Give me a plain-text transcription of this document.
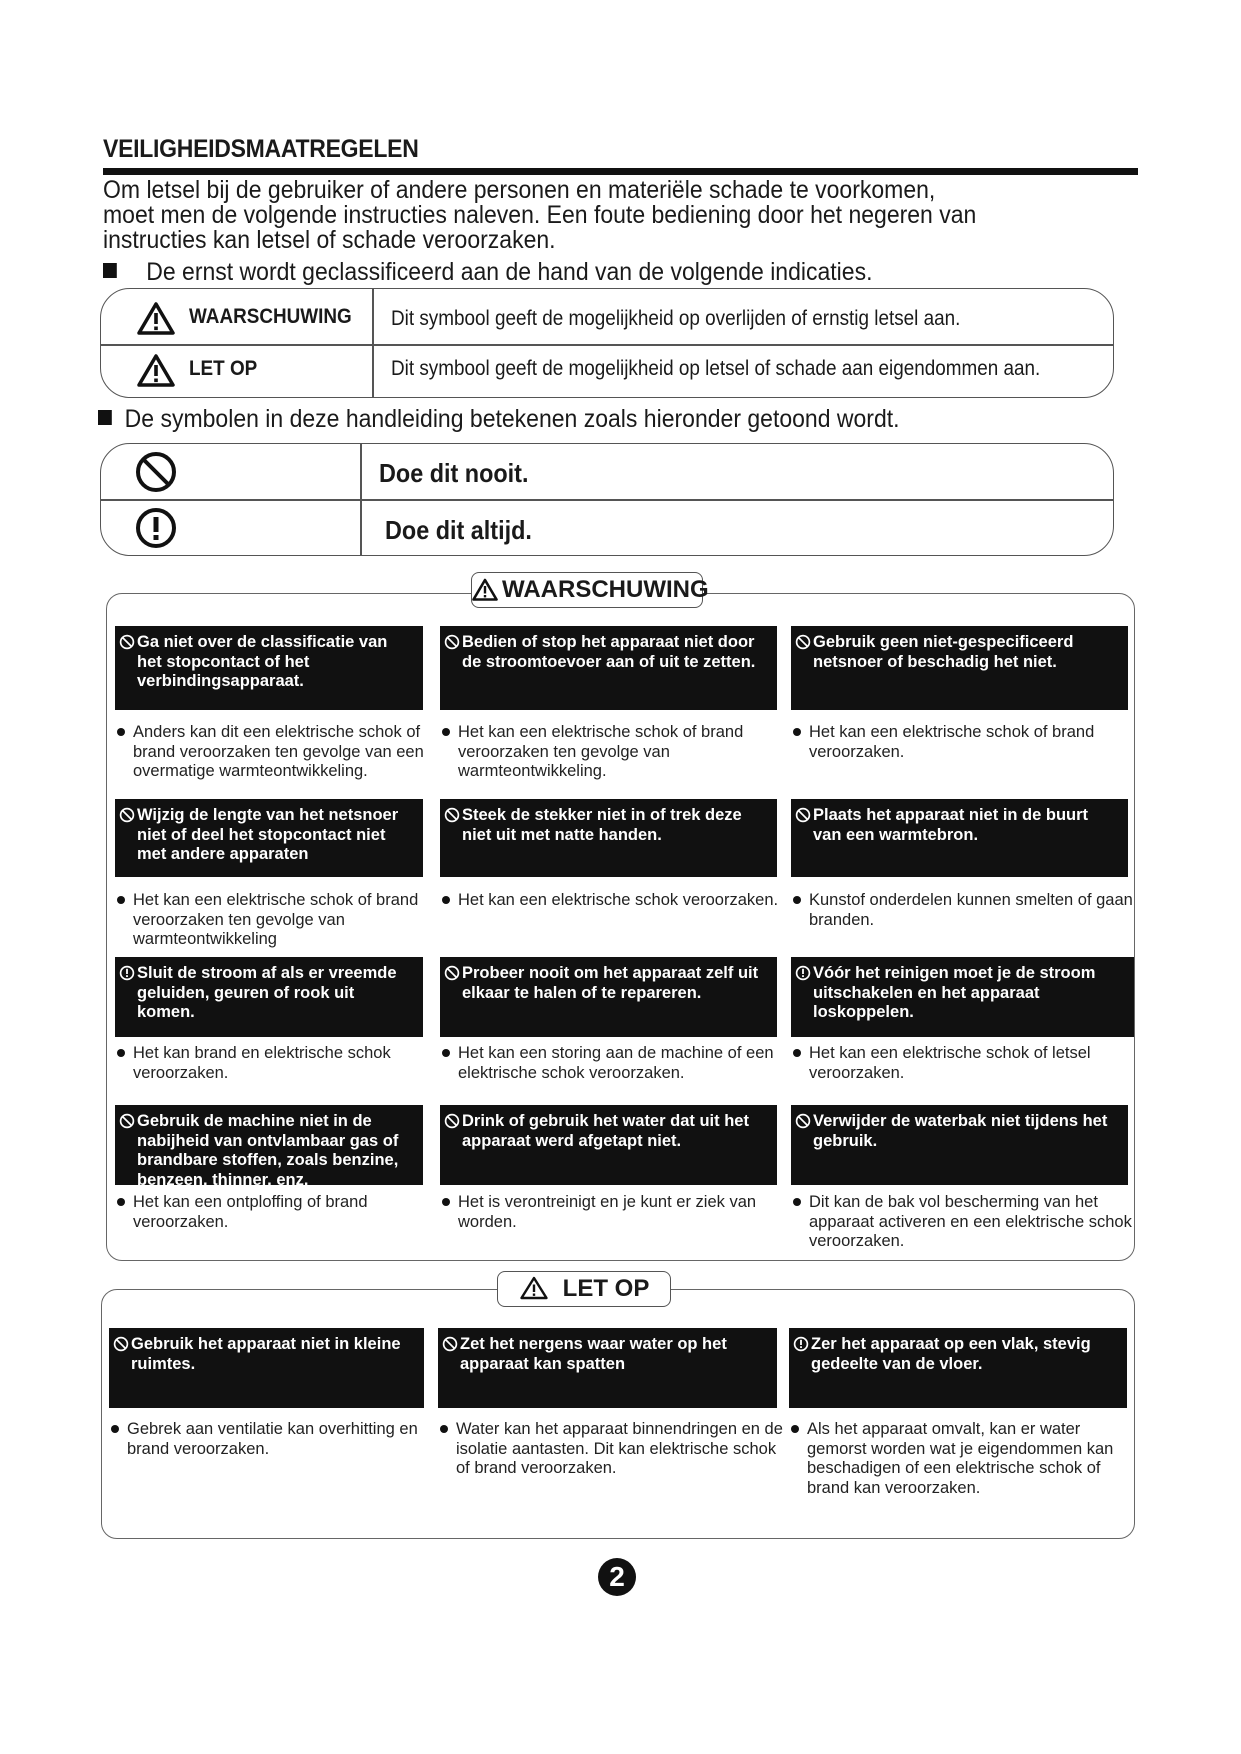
VEILIGHEIDSMAATREGELEN
Om letsel bij de gebruiker of andere personen en materiële schade te voorkomen, moet men de volgende instructies naleven. Een foute bediening door het negeren van instructies kan letsel of schade veroorzaken.
De ernst wordt geclassificeerd aan de hand van de volgende indicaties.
WAARSCHUWING Dit symbool geeft de mogelijkheid op overlijden of ernstig letsel aan.
LET OP	Dit symbool geeft de mogelijkheid op letsel of schade aan eigendommen aan.
De symbolen in deze handleiding betekenen zoals hieronder getoond wordt.
Doe dit nooit.
Doe dit altijd.
WAARSCHUWING
Ga niet over de classificatie van het stopcontact of het verbindingsapparaat.
Anders kan dit een elektrische schok of brand veroorzaken ten gevolge van een overmatige warmteontwikkeling.
Bedien of stop het apparaat niet door de stroomtoevoer aan of uit te zetten.
Het kan een elektrische schok of brand veroorzaken ten gevolge van warmteontwikkeling.
Gebruik geen niet-gespecificeerd netsnoer of beschadig het niet.
Het kan een elektrische schok of brand veroorzaken.
Wijzig de lengte van het netsnoer niet of deel het stopcontact niet met andere apparaten
Het kan een elektrische schok of brand veroorzaken ten gevolge van warmteontwikkeling
Steek de stekker niet in of trek deze niet uit met natte handen.
Het kan een elektrische schok veroorzaken.
Plaats het apparaat niet in de buurt van een warmtebron.
Kunstof onderdelen kunnen smelten of gaan branden.
Sluit de stroom af als er vreemde geluiden, geuren of rook uit komen.
Het kan brand en elektrische schok veroorzaken.
Probeer nooit om het apparaat zelf uit elkaar te halen of te repareren.
Het kan een storing aan de machine of een elektrische schok veroorzaken.
Vóór het reinigen moet je de stroom uitschakelen en het apparaat loskoppelen.
Het kan een elektrische schok of letsel veroorzaken.
Gebruik de machine niet in de nabijheid van ontvlambaar gas of brandbare stoffen, zoals benzine, benzeen, thinner, enz.
Het kan een ontploffing of brand veroorzaken.
Drink of gebruik het water dat uit het apparaat werd afgetapt niet.
Het is verontreinigt en je kunt er ziek van worden.
Verwijder de waterbak niet tijdens het gebruik.
Dit kan de bak vol bescherming van het apparaat activeren en een elektrische schok veroorzaken.
LET OP
Gebruik het apparaat niet in kleine ruimtes.
Gebrek aan ventilatie kan overhitting en brand veroorzaken.
Zet het nergens waar water op het apparaat kan spatten
Water kan het apparaat binnendringen en de isolatie aantasten. Dit kan elektrische schok of brand veroorzaken.
Zer het apparaat op een vlak, stevig gedeelte van de vloer.
Als het apparaat omvalt, kan er water gemorst worden wat je eigendommen kan beschadigen of een elektrische schok of brand kan veroorzaken.
2
